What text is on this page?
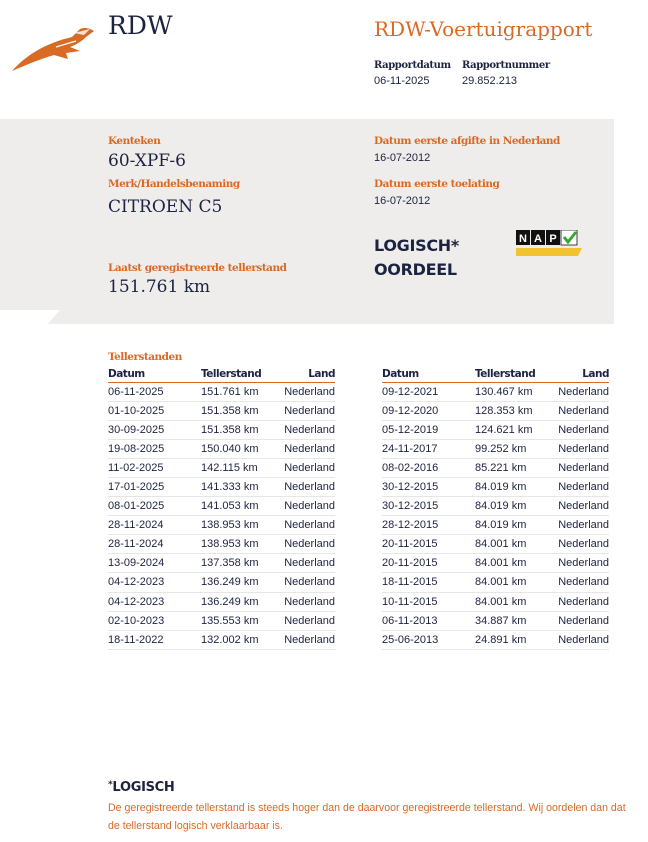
RDW	RDW-Voertuigrapport
Rapportdatum
06-11-2025
Rapportnummer
29.852.213
Kenteken
60-XPF-6
Merk/Handelsbenaming
CITROEN C5
Datum eerste afgifte in Nederland
16-07-2012
Datum eerste toelating
16-07-2012
LOGISCH*
OORDEEL
N A P
Laatst geregistreerde tellerstand
151.761 km
Tellerstanden
Datum	Tellerstand	Land
06-11-2025	151.761 km	Nederland
01-10-2025	151.358 km	Nederland
30-09-2025	151.358 km	Nederland
19-08-2025	150.040 km	Nederland
11-02-2025	142.115 km	Nederland
17-01-2025	141.333 km	Nederland
08-01-2025	141.053 km	Nederland
28-11-2024	138.953 km	Nederland
28-11-2024	138.953 km	Nederland
13-09-2024	137.358 km	Nederland
04-12-2023	136.249 km	Nederland
04-12-2023	136.249 km	Nederland
02-10-2023	135.553 km	Nederland
18-11-2022	132.002 km	Nederland
Datum	Tellerstand	Land
09-12-2021	130.467 km	Nederland
09-12-2020	128.353 km	Nederland
05-12-2019	124.621 km	Nederland
24-11-2017	99.252 km	Nederland
08-02-2016	85.221 km	Nederland
30-12-2015	84.019 km	Nederland
30-12-2015	84.019 km	Nederland
28-12-2015	84.019 km	Nederland
20-11-2015	84.001 km	Nederland
20-11-2015	84.001 km	Nederland
18-11-2015	84.001 km	Nederland
10-11-2015	84.001 km	Nederland
06-11-2013	34.887 km	Nederland
25-06-2013	24.891 km	Nederland
*LOGISCH
De geregistreerde tellerstand is steeds hoger dan de daarvoor geregistreerde tellerstand. Wij oordelen dan dat de tellerstand logisch verklaarbaar is.
